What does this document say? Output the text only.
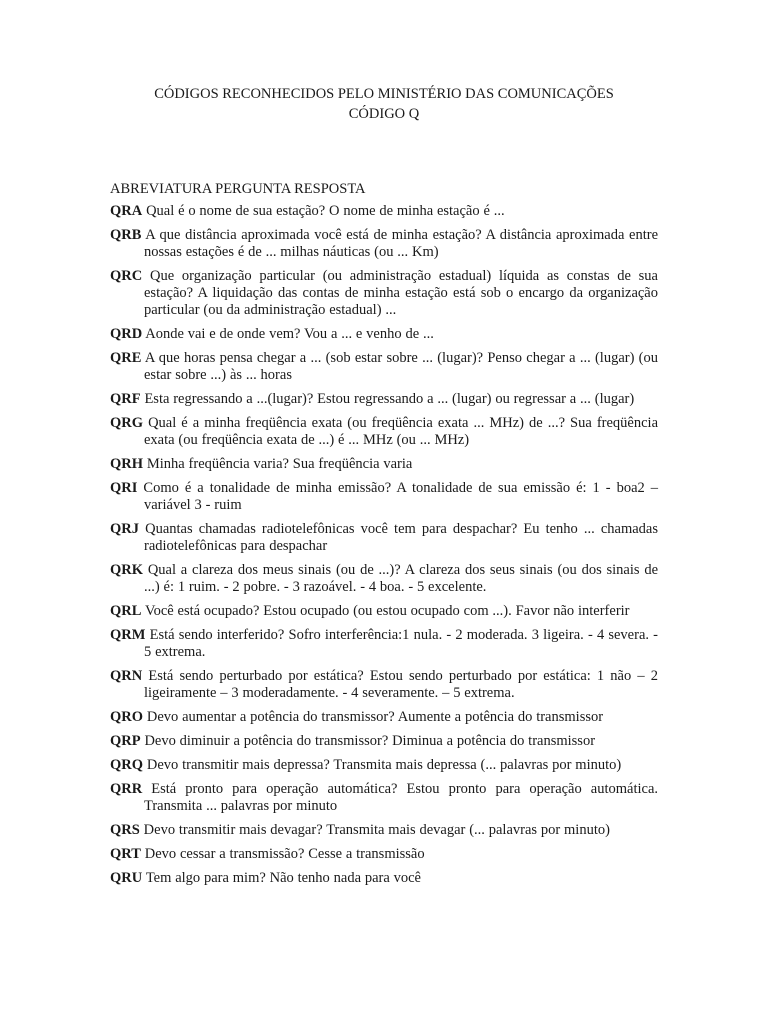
CÓDIGOS RECONHECIDOS PELO MINISTÉRIO DAS COMUNICAÇÕES

CÓDIGO Q

ABREVIATURA PERGUNTA RESPOSTA

QRA Qual é o nome de sua estação? O nome de minha estação é ...

QRB A que distância aproximada você está de minha estação? A distância aproximada entre nossas estações é de ... milhas náuticas (ou ... Km)

QRC Que organização particular (ou administração estadual) líquida as constas de sua estação? A liquidação das contas de minha estação está sob o encargo da organização particular (ou da administração estadual) ...

QRD Aonde vai e de onde vem? Vou a ... e venho de ...

QRE A que horas pensa chegar a ... (sob estar sobre ... (lugar)? Penso chegar a ... (lugar) (ou estar sobre ...) às ... horas

QRF Esta regressando a ...(lugar)? Estou regressando a ... (lugar) ou regressar a ... (lugar)

QRG Qual é a minha freqüência exata (ou freqüência exata ... MHz) de ...? Sua freqüência exata (ou freqüência exata de ...) é ... MHz (ou ... MHz)

QRH Minha freqüência varia? Sua freqüência varia

QRI Como é a tonalidade de minha emissão? A tonalidade de sua emissão é: 1 - boa2 – variável 3 - ruim

QRJ Quantas chamadas radiotelefônicas você tem para despachar? Eu tenho ... chamadas radiotelefônicas para despachar

QRK Qual a clareza dos meus sinais (ou de ...)? A clareza dos seus sinais (ou dos sinais de ...) é: 1 ruim. - 2 pobre. - 3 razoável. - 4 boa. - 5 excelente.

QRL Você está ocupado? Estou ocupado (ou estou ocupado com ...). Favor não interferir

QRM Está sendo interferido? Sofro interferência:1 nula. - 2 moderada. 3 ligeira. - 4 severa. - 5 extrema.

QRN Está sendo perturbado por estática? Estou sendo perturbado por estática: 1 não – 2 ligeiramente – 3 moderadamente. - 4 severamente. – 5 extrema.

QRO Devo aumentar a potência do transmissor? Aumente a potência do transmissor

QRP Devo diminuir a potência do transmissor? Diminua a potência do transmissor

QRQ Devo transmitir mais depressa? Transmita mais depressa (... palavras por minuto)

QRR Está pronto para operação automática? Estou pronto para operação automática. Transmita ... palavras por minuto

QRS Devo transmitir mais devagar? Transmita mais devagar (... palavras por minuto)

QRT Devo cessar a transmissão? Cesse a transmissão

QRU Tem algo para mim? Não tenho nada para você
